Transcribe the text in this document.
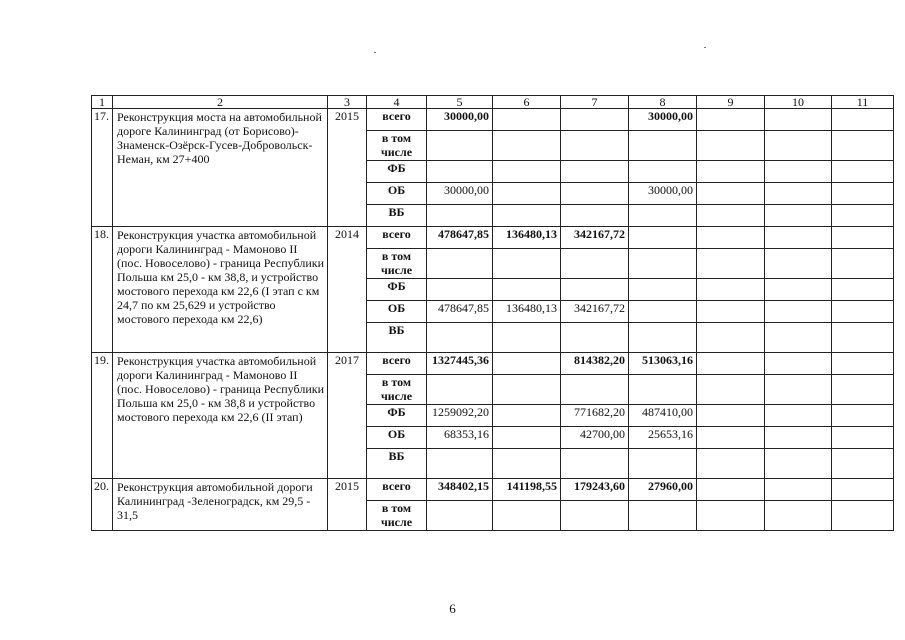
1	2	3	4	5	6	7	8	9	10	11
17.	Реконструкция моста на автомобильной дороге Калининград (от Борисово)-Знаменск-Озёрск-Гусев-Добровольск-Неман, км 27+400	2015	всего	30000,00			30000,00			
			в том числе							
			ФБ							
			ОБ	30000,00			30000,00			
			ВБ							
18.	Реконструкция участка автомобильной дороги Калининград - Мамоново II (пос. Новоселово) - граница Республики Польша км 25,0 - км 38,8, и устройство мостового перехода км 22,6 (I этап с км 24,7 по км 25,629 и устройство мостового перехода км 22,6)	2014	всего	478647,85	136480,13	342167,72				
			в том числе							
			ФБ							
			ОБ	478647,85	136480,13	342167,72				
			ВБ							
19.	Реконструкция участка автомобильной дороги Калининград - Мамоново II (пос. Новоселово) - граница Республики Польша км 25,0 - км 38,8 и устройство мостового перехода км 22,6 (II этап)	2017	всего	1327445,36		814382,20	513063,16			
			в том числе							
			ФБ	1259092,20		771682,20	487410,00			
			ОБ	68353,16		42700,00	25653,16			
			ВБ							
20.	Реконструкция автомобильной дороги Калининград -Зеленоградск, км 29,5 - 31,5	2015	всего	348402,15	141198,55	179243,60	27960,00			
			в том числе							
6
